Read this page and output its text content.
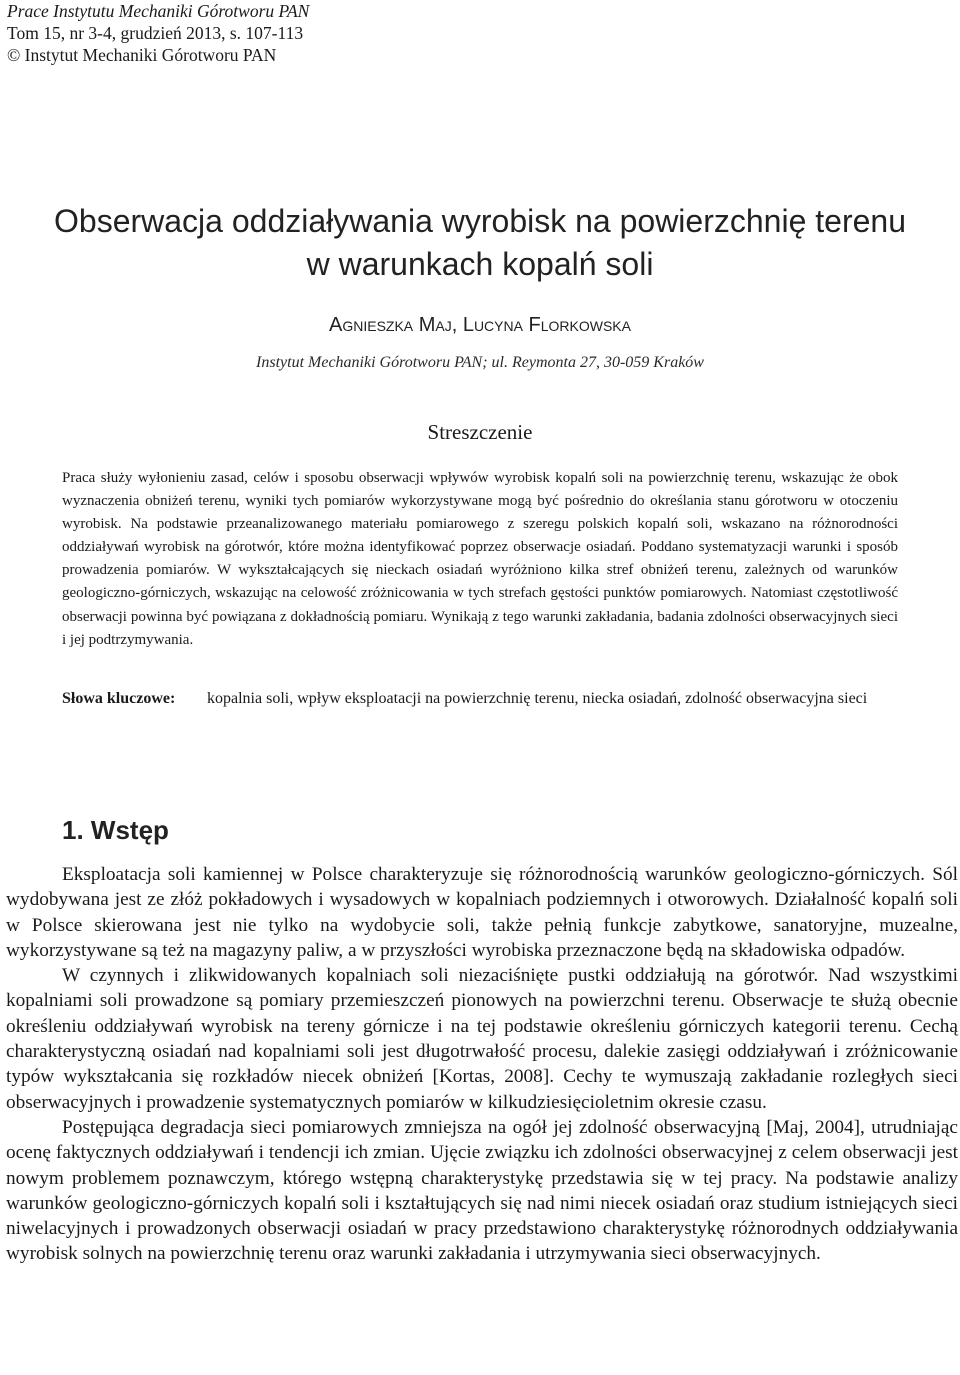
Prace Instytutu Mechaniki Górotworu PAN
Tom 15, nr 3-4, grudzień 2013, s. 107-113
© Instytut Mechaniki Górotworu PAN
Obserwacja oddziaływania wyrobisk na powierzchnię terenu
w warunkach kopalń soli
Agnieszka Maj, Lucyna Florkowska
Instytut Mechaniki Górotworu PAN; ul. Reymonta 27, 30-059 Kraków
Streszczenie

Praca służy wyłonieniu zasad, celów i sposobu obserwacji wpływów wyrobisk kopalń soli na powierzchnię terenu, wskazując że obok wyznaczenia obniżeń terenu, wyniki tych pomiarów wykorzystywane mogą być pośrednio do określania stanu górotworu w otoczeniu wyrobisk. Na podstawie przeanalizowanego materiału pomiarowego z szeregu polskich kopalń soli, wskazano na różnorodności oddziaływań wyrobisk na górotwór, które można identyfikować poprzez obserwacje osiadań. Poddano systematyzacji warunki i sposób prowadzenia pomiarów. W wykształcających się nieckach osiadań wyróżniono kilka stref obniżeń terenu, zależnych od warunków geologiczno-górniczych, wskazując na celowość zróżnicowania w tych strefach gęstości punktów pomiarowych. Natomiast częstotliwość obserwacji powinna być powiązana z dokładnością pomiaru. Wynikają z tego warunki zakładania, badania zdolności obserwacyjnych sieci i jej podtrzymywania.

Słowa kluczowe: kopalnia soli, wpływ eksploatacji na powierzchnię terenu, niecka osiadań, zdolność obserwacyjna sieci

1. Wstęp

Eksploatacja soli kamiennej w Polsce charakteryzuje się różnorodnością warunków geologiczno-górniczych. Sól wydobywana jest ze złóż pokładowych i wysadowych w kopalniach podziemnych i otworowych. Działalność kopalń soli w Polsce skierowana jest nie tylko na wydobycie soli, także pełnią funkcje zabytkowe, sanatoryjne, muzealne, wykorzystywane są też na magazyny paliw, a w przyszłości wyrobiska przeznaczone będą na składowiska odpadów.

W czynnych i zlikwidowanych kopalniach soli niezaciśnięte pustki oddziałują na górotwór. Nad wszystkimi kopalniami soli prowadzone są pomiary przemieszczeń pionowych na powierzchni terenu. Obserwacje te służą obecnie określeniu oddziaływań wyrobisk na tereny górnicze i na tej podstawie określeniu górniczych kategorii terenu. Cechą charakterystyczną osiadań nad kopalniami soli jest długotrwałość procesu, dalekie zasięgi oddziaływań i zróżnicowanie typów wykształcania się rozkładów niecek obniżeń [Kortas, 2008]. Cechy te wymuszają zakładanie rozległych sieci obserwacyjnych i prowadzenie systematycznych pomiarów w kilkudziesięcioletnim okresie czasu.

Postępująca degradacja sieci pomiarowych zmniejsza na ogół jej zdolność obserwacyjną [Maj, 2004], utrudniając ocenę faktycznych oddziaływań i tendencji ich zmian. Ujęcie związku ich zdolności obserwacyjnej z celem obserwacji jest nowym problemem poznawczym, którego wstępną charakterystykę przedstawia się w tej pracy. Na podstawie analizy warunków geologiczno-górniczych kopalń soli i kształtujących się nad nimi niecek osiadań oraz studium istniejących sieci niwelacyjnych i prowadzonych obserwacji osiadań w pracy przedstawiono charakterystykę różnorodnych oddziaływania wyrobisk solnych na powierzchnię terenu oraz warunki zakładania i utrzymywania sieci obserwacyjnych.
